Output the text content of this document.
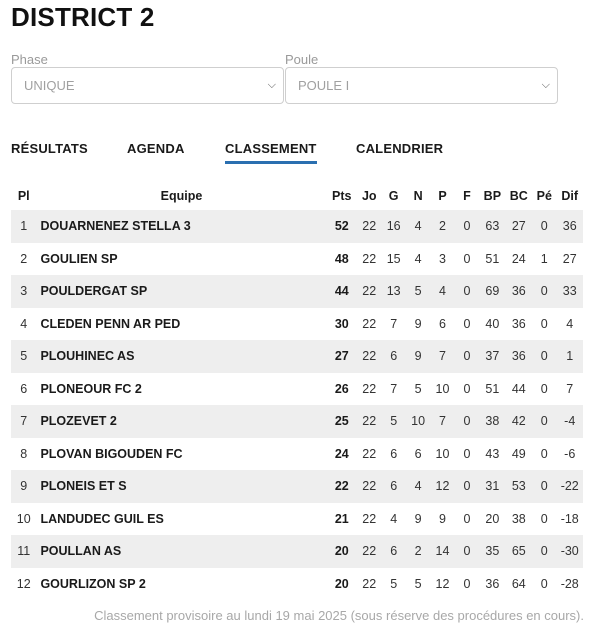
DISTRICT 2
Phase
UNIQUE	⌵
Poule
POULE I	⌵
RÉSULTATS	AGENDA	CLASSEMENT	CALENDRIER
Pl	Equipe	Pts	Jo	G	N	P	F	BP	BC	Pé	Dif
1	DOUARNENEZ STELLA 3	52	22	16	4	2	0	63	27	0	36
2	GOULIEN SP	48	22	15	4	3	0	51	24	1	27
3	POULDERGAT SP	44	22	13	5	4	0	69	36	0	33
4	CLEDEN PENN AR PED	30	22	7	9	6	0	40	36	0	4
5	PLOUHINEC AS	27	22	6	9	7	0	37	36	0	1
6	PLONEOUR FC 2	26	22	7	5	10	0	51	44	0	7
7	PLOZEVET 2	25	22	5	10	7	0	38	42	0	-4
8	PLOVAN BIGOUDEN FC	24	22	6	6	10	0	43	49	0	-6
9	PLONEIS ET S	22	22	6	4	12	0	31	53	0	-22
10	LANDUDEC GUIL ES	21	22	4	9	9	0	20	38	0	-18
11	POULLAN AS	20	22	6	2	14	0	35	65	0	-30
12	GOURLIZON SP 2	20	22	5	5	12	0	36	64	0	-28
Classement provisoire au lundi 19 mai 2025 (sous réserve des procédures en cours).
